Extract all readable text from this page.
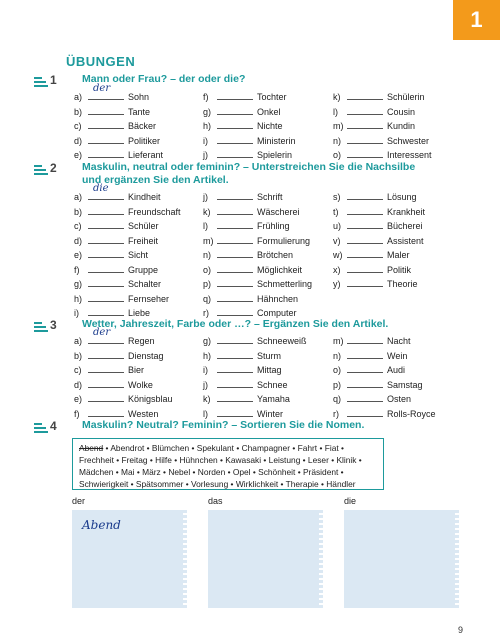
1
ÜBUNGEN
1	Mann oder Frau? – der oder die?
a)
der
Sohn
b)	Tante
c)	Bäcker
d)	Politiker
e)	Lieferant
f)	Tochter
g)	Onkel
h)	Nichte
i)	Ministerin
j)	Spielerin
k)	Schülerin
l)	Cousin
m)	Kundin
n)	Schwester
o)	Interessent
2	Maskulin, neutral oder feminin? – Unterstreichen Sie die Nachsilbe
und ergänzen Sie den Artikel.
a)
die
Kindheit
b)	Freundschaft
c)	Schüler
d)	Freiheit
e)	Sicht
f)	Gruppe
g)	Schalter
h)	Fernseher
i)	Liebe
j)	Schrift
k)	Wäscherei
l)	Frühling
m)	Formulierung
n)	Brötchen
o)	Möglichkeit
p)	Schmetterling
q)	Hähnchen
r)	Computer
s)	Lösung
t)	Krankheit
u)	Bücherei
v)	Assistent
w)	Maler
x)	Politik
y)	Theorie
3	Wetter, Jahreszeit, Farbe oder …? – Ergänzen Sie den Artikel.
a)
der
Regen
b)	Dienstag
c)	Bier
d)	Wolke
e)	Königsblau
f)	Westen
g)	Schneeweiß
h)	Sturm
i)	Mittag
j)	Schnee
k)	Yamaha
l)	Winter
m)	Nacht
n)	Wein
o)	Audi
p)	Samstag
q)	Osten
r)	Rolls-Royce
4	Maskulin? Neutral? Feminin? – Sortieren Sie die Nomen.
Abend • Abendrot • Blümchen • Spekulant • Champagner • Fahrt • Fiat • Frechheit • Freitag • Hilfe • Hühnchen • Kawasaki • Leistung • Leser • Klinik • Mädchen • Mai • März • Nebel • Norden • Opel • Schönheit • Präsident • Schwierigkeit • Spätsommer • Vorlesung • Wirklichkeit • Therapie • Händler
der	das	die
Abend
9
